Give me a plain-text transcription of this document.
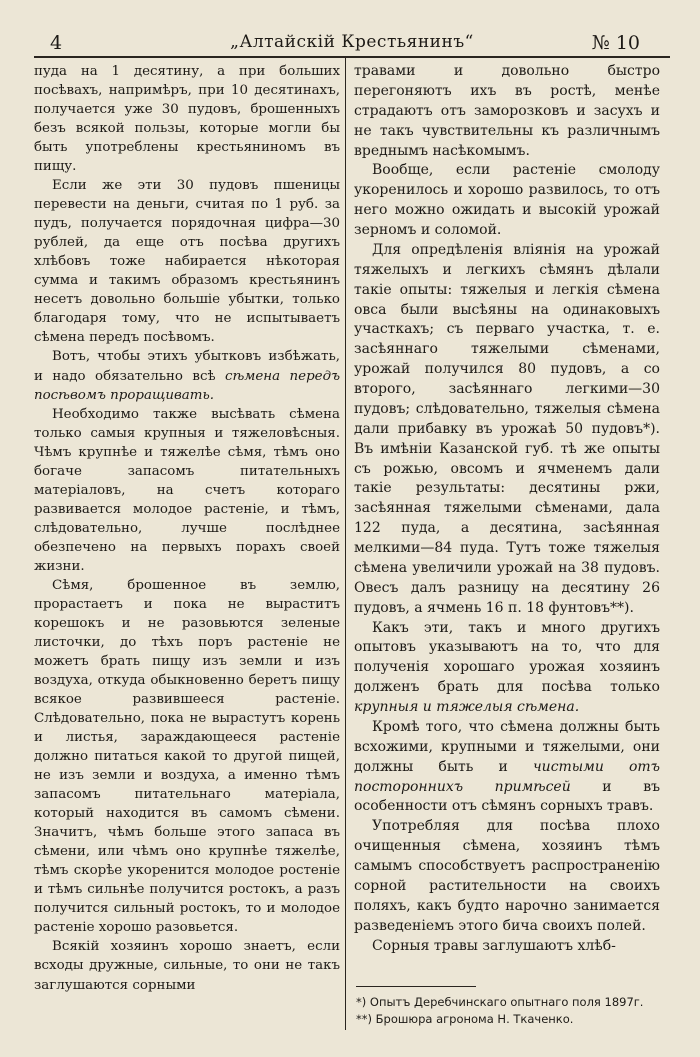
4	„Алтайскій Крестьянинъ“	№ 10

пуда на 1 десятину, а при больших посѣвахъ, напримѣръ, при 10 десятинахъ, получается уже 30 пудовъ, брошенныхъ безъ всякой пользы, которые могли бы быть употреблены крестьяниномъ въ пищу.

Если же эти 30 пудовъ пшеницы перевести на деньги, считая по 1 руб. за пудъ, получается порядочная цифра—30 рублей, да еще отъ посѣва другихъ хлѣбовъ тоже набирается нѣкоторая сумма и такимъ образомъ крестьянинъ несетъ довольно большіе убытки, только благодаря тому, что не испытываетъ сѣмена передъ посѣвомъ.

Вотъ, чтобы этихъ убытковъ избѣжать, и надо обязательно всѣ сѣмена передъ посѣвомъ проращивать.

Необходимо также высѣвать сѣмена только самыя крупныя и тяжеловѣсныя. Чѣмъ крупнѣе и тяжелѣе сѣмя, тѣмъ оно богаче запасомъ питательныхъ матеріаловъ, на счетъ котораго развивается молодое растеніе, и тѣмъ, слѣдовательно, лучше послѣднее обезпечено на первыхъ порахъ своей жизни.

Сѣмя, брошенное въ землю, прорастаетъ и пока не выраститъ корешокъ и не разовьются зеленые листочки, до тѣхъ поръ растеніе не можетъ брать пищу изъ земли и изъ воздуха, откуда обыкновенно беретъ пищу всякое развившееся растеніе. Слѣдовательно, пока не вырастутъ корень и листья, зараждающееся растеніе должно питаться какой то другой пищей, не изъ земли и воздуха, а именно тѣмъ запасомъ питательнаго матеріала, который находится въ самомъ сѣмени. Значитъ, чѣмъ больше этого запаса въ сѣмени, или чѣмъ оно крупнѣе тяжелѣе, тѣмъ скорѣе укоренится молодое ростеніе и тѣмъ сильнѣе получится ростокъ, а разъ получится сильный ростокъ, то и молодое растеніе хорошо разовьется.

Всякій хозяинъ хорошо знаетъ, если всходы дружные, сильные, то они не такъ заглушаются сорными

травами и довольно быстро перегоняютъ ихъ въ ростѣ, менѣе страдаютъ отъ заморозковъ и засухъ и не такъ чувствительны къ различнымъ вреднымъ насѣкомымъ.

Вообще, если растеніе смолоду укоренилось и хорошо развилось, то отъ него можно ожидать и высокій урожай зерномъ и соломой.

Для опредѣленія вліянія на урожай тяжелыхъ и легкихъ сѣмянъ дѣлали такіе опыты: тяжелыя и легкія сѣмена овса были высѣяны на одинаковыхъ участкахъ; съ перваго участка, т. е. засѣяннаго тяжелыми сѣменами, урожай получился 80 пудовъ, а со второго, засѣяннаго легкими—30 пудовъ; слѣдовательно, тяжелыя сѣмена дали прибавку въ урожаѣ 50 пудовъ*). Въ имѣніи Казанской губ. тѣ же опыты съ рожью, овсомъ и ячменемъ дали такіе результаты: десятины ржи, засѣянная тяжелыми сѣменами, дала 122 пуда, а десятина, засѣянная мелкими—84 пуда. Тутъ тоже тяжелыя сѣмена увеличили урожай на 38 пудовъ. Овесъ далъ разницу на десятину 26 пудовъ, а ячмень 16 п. 18 фунтовъ**).

Какъ эти, такъ и много другихъ опытовъ указываютъ на то, что для полученія хорошаго урожая хозяинъ долженъ брать для посѣва только крупныя и тяжелыя сѣмена.

Кромѣ того, что сѣмена должны быть всхожими, крупными и тяжелыми, они должны быть и чистыми отъ постороннихъ примѣсей и въ особенности отъ сѣмянъ сорныхъ травъ.

Употребляя для посѣва плохо очищенныя сѣмена, хозяинъ тѣмъ самымъ способствуетъ распространенію сорной растительности на своихъ поляхъ, какъ будто нарочно занимается разведеніемъ этого бича своихъ полей.

Сорныя травы заглушаютъ хлѣб-

*) Опытъ Деребчинскаго опытнаго поля 1897г.
**) Брошюра агронома Н. Ткаченко.
